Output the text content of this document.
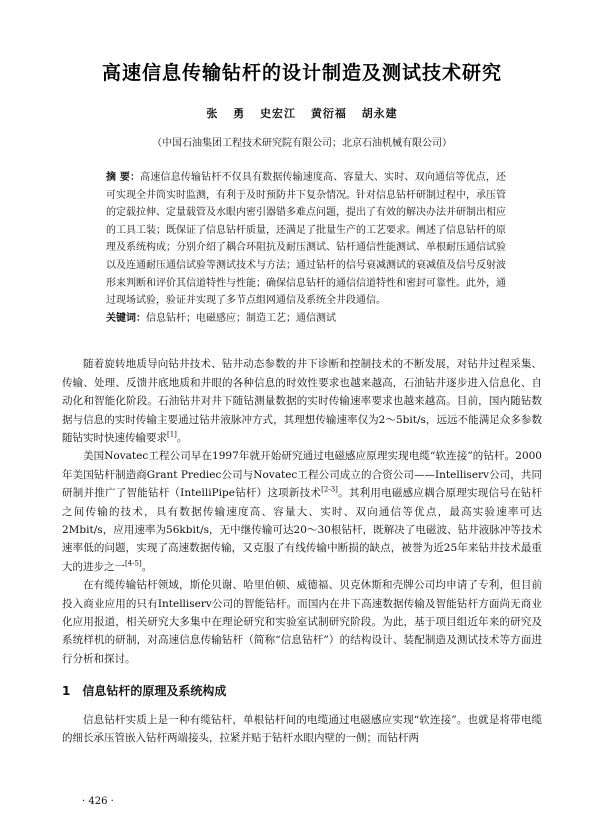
高速信息传输钻杆的设计制造及测试技术研究
张 勇 史宏江 黄衍福 胡永建
（中国石油集团工程技术研究院有限公司；北京石油机械有限公司）
摘 要：高速信息传输钻杆不仅具有数据传输速度高、容量大、实时、双向通信等优点，还可实现全井筒实时监测，有利于及时预防井下复杂情况。针对信息钻杆研制过程中，承压管的定载拉伸、定量载管及水眼内密引器错多难点问题，提出了有效的解决办法并研制出相应的工具工装；既保证了信息钻杆质量，还满足了批量生产的工艺要求。阐述了信息钻杆的原理及系统构成；分别介绍了耦合环阻抗及耐压测试、钻杆通信性能测试、单根耐压通信试验以及连通耐压通信试验等测试技术与方法；通过钻杆的信号衰减测试的衰减值及信号反射波形来判断和评价其信道特性与性能；确保信息钻杆的通信信道特性和密封可靠性。此外，通过现场试验，验证并实现了多节点组网通信及系统全井段通信。
关键词：信息钻杆；电磁感应；制造工艺；通信测试

随着旋转地质导向钻井技术、钻井动态参数的井下诊断和控制技术的不断发展，对钻井过程采集、传输、处理、反馈井底地质和井眼的各种信息的时效性要求也越来越高，石油钻井逐步进入信息化、自动化和智能化阶段。石油钻井对井下随钻测量数据的实时传输速率要求也越来越高。目前，国内随钻数据与信息的实时传输主要通过钻井液脉冲方式，其理想传输速率仅为2～5bit/s，远远不能满足众多参数随钻实时快速传输要求[1]。

美国Novatec工程公司早在1997年就开始研究通过电磁感应原理实现电缆“软连接”的钻杆。2000年美国钻杆制造商Grant Prediec公司与Novatec工程公司成立的合资公司——Intelliserv公司，共同研制并推广了智能钻杆（IntelliPipe钻杆）这项新技术[2-3]。其利用电磁感应耦合原理实现信号在钻杆之间传输的技术，具有数据传输速度高、容量大、实时、双向通信等优点，最高实验速率可达2Mbit/s，应用速率为56kbit/s，无中继传输可达20～30根钻杆，既解决了电磁波、钻井液脉冲等技术速率低的问题，实现了高速数据传输，又克服了有线传输中断损的缺点，被誉为近25年来钻井技术最重大的进步之一[4-5]。

在有缆传输钻杆领域，斯伦贝谢、哈里伯顿、威德福、贝克休斯和壳牌公司均申请了专利，但目前投入商业应用的只有Intelliserv公司的智能钻杆。而国内在井下高速数据传输及智能钻杆方面尚无商业化应用报道，相关研究大多集中在理论研究和实验室试制研究阶段。为此，基于项目组近年来的研究及系统样机的研制，对高速信息传输钻杆（简称“信息钻杆”）的结构设计、装配制造及测试技术等方面进行分析和探讨。

1 信息钻杆的原理及系统构成

信息钻杆实质上是一种有缆钻杆，单根钻杆间的电缆通过电磁感应实现“软连接”。也就是将带电缆的细长承压管嵌入钻杆两端接头，拉紧并贴于钻杆水眼内壁的一侧；而钻杆两

· 426 ·
